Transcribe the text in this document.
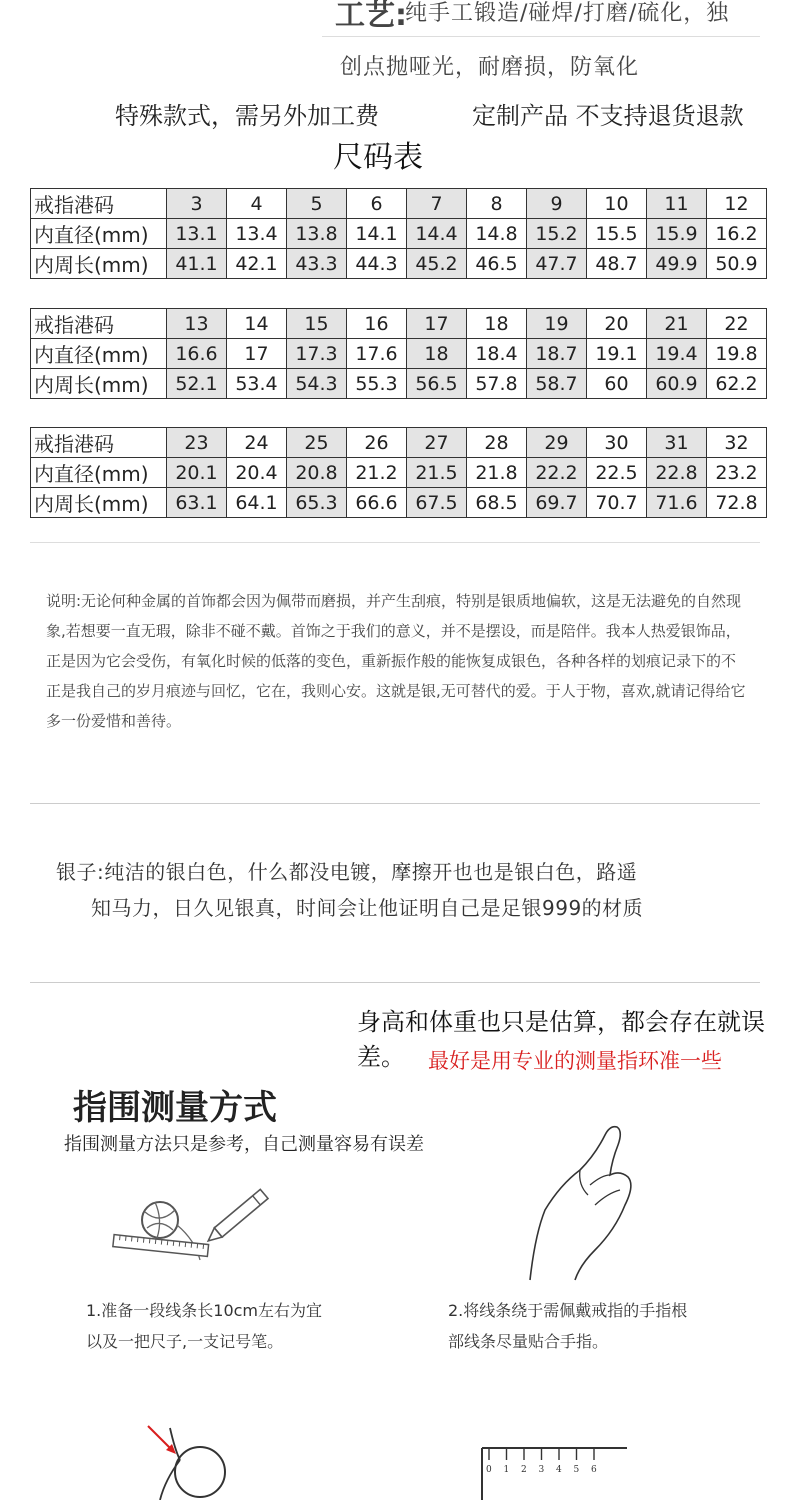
工艺:
纯手工锻造/碰焊/打磨/硫化，独
创点抛哑光，耐磨损，防氧化
特殊款式，需另外加工费	定制产品 不支持退货退款
尺码表
戒指港码	3	4	5	6	7	8	9	10	11	12
内直径(mm)	13.1	13.4	13.8	14.1	14.4	14.8	15.2	15.5	15.9	16.2
内周长(mm)	41.1	42.1	43.3	44.3	45.2	46.5	47.7	48.7	49.9	50.9
戒指港码	13	14	15	16	17	18	19	20	21	22
内直径(mm)	16.6	17	17.3	17.6	18	18.4	18.7	19.1	19.4	19.8
内周长(mm)	52.1	53.4	54.3	55.3	56.5	57.8	58.7	60	60.9	62.2
戒指港码	23	24	25	26	27	28	29	30	31	32
内直径(mm)	20.1	20.4	20.8	21.2	21.5	21.8	22.2	22.5	22.8	23.2
内周长(mm)	63.1	64.1	65.3	66.6	67.5	68.5	69.7	70.7	71.6	72.8
说明:无论何种金属的首饰都会因为佩带而磨损，并产生刮痕，特别是银质地偏软，这是无法避免的自然现象,若想要一直无瑕，除非不碰不戴。首饰之于我们的意义，并不是摆设，而是陪伴。我本人热爱银饰品，正是因为它会受伤，有氧化时候的低落的变色，重新振作般的能恢复成银色，各种各样的划痕记录下的不正是我自己的岁月痕迹与回忆，它在，我则心安。这就是银,无可替代的爱。于人于物，喜欢,就请记得给它多一份爱惜和善待。
银子:纯洁的银白色，什么都没电镀，摩擦开也也是银白色，路遥
知马力，日久见银真，时间会让他证明自己是足银999的材质
身高和体重也只是估算，都会存在就误差。	最好是用专业的测量指环准一些
指围测量方式
指围测量方法只是参考，自己测量容易有误差
1.准备一段线条长10cm左右为宜
以及一把尺子,一支记号笔。
2.将线条绕于需佩戴戒指的手指根
部线条尽量贴合手指。
0 1 2 3 4 5 6
